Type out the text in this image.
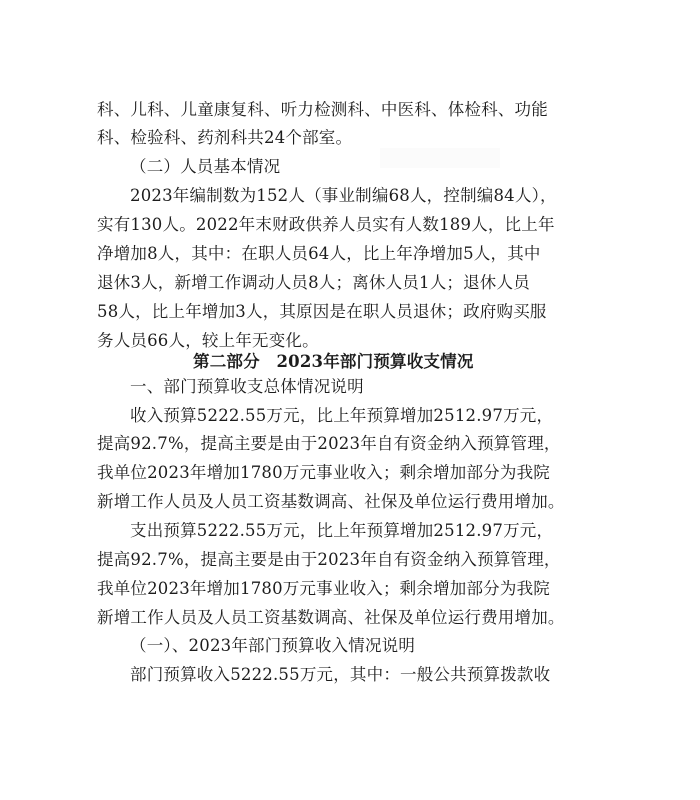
科、儿科、儿童康复科、听力检测科、中医科、体检科、功能
科、检验科、药剂科共24个部室。
（二）人员基本情况
2023年编制数为152人（事业制编68人，控制编84人），
实有130人。2022年末财政供养人员实有人数189人，比上年
净增加8人，其中：在职人员64人，比上年净增加5人，其中
退休3人，新增工作调动人员8人；离休人员1人；退休人员
58人，比上年增加3人，其原因是在职人员退休；政府购买服
务人员66人，较上年无变化。
第二部分　2023年部门预算收支情况
一、部门预算收支总体情况说明
收入预算5222.55万元，比上年预算增加2512.97万元，
提高92.7%，提高主要是由于2023年自有资金纳入预算管理，
我单位2023年增加1780万元事业收入；剩余增加部分为我院
新增工作人员及人员工资基数调高、社保及单位运行费用增加。
支出预算5222.55万元，比上年预算增加2512.97万元，
提高92.7%，提高主要是由于2023年自有资金纳入预算管理，
我单位2023年增加1780万元事业收入；剩余增加部分为我院
新增工作人员及人员工资基数调高、社保及单位运行费用增加。
（一）、2023年部门预算收入情况说明
部门预算收入5222.55万元，其中：一般公共预算拨款收
